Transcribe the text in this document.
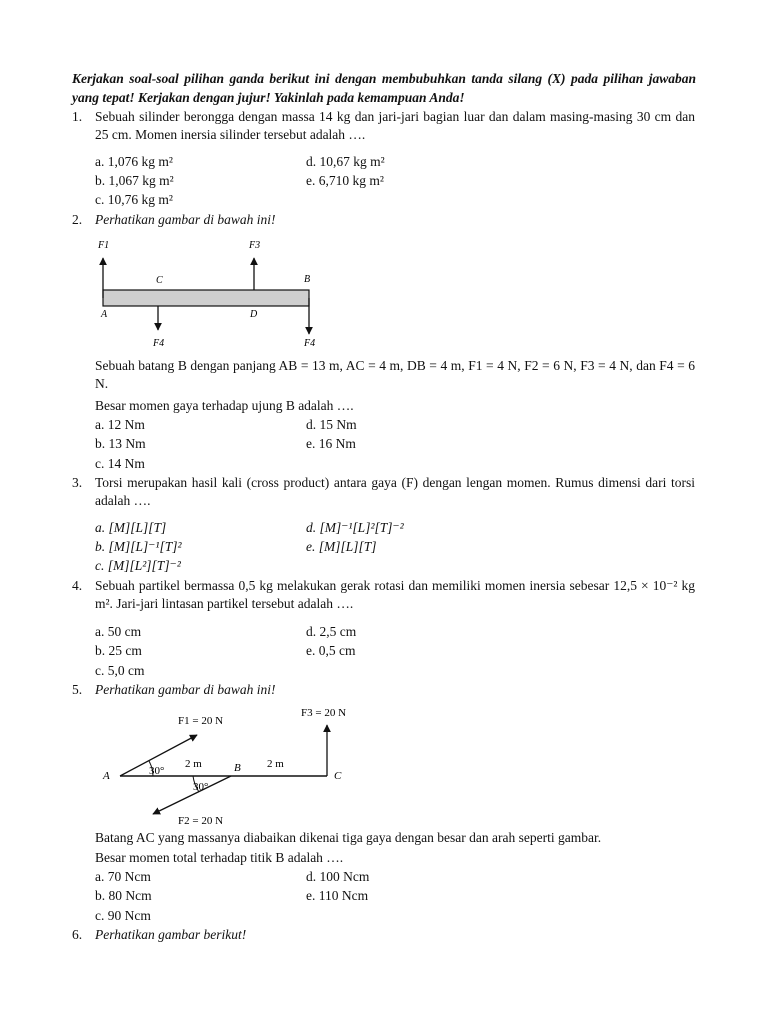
Kerjakan soal-soal pilihan ganda berikut ini dengan membubuhkan tanda silang (X) pada pilihan jawaban yang tepat! Kerjakan dengan jujur! Yakinlah pada kemampuan Anda!
1. Sebuah silinder berongga dengan massa 14 kg dan jari-jari bagian luar dan dalam masing-masing 30 cm dan 25 cm. Momen inersia silinder tersebut adalah ….
a. 1,076 kg m²	d. 10,67 kg m²
b. 1,067 kg m²	e. 6,710 kg m²
c. 10,76 kg m²
2. Perhatikan gambar di bawah ini!
F1	F3
F4	F4
C	B
A	D
Sebuah batang B dengan panjang AB = 13 m, AC = 4 m, DB = 4 m, F1 = 4 N, F2 = 6 N, F3 = 4 N, dan F4 = 6 N.
Besar momen gaya terhadap ujung B adalah ….
a. 12 Nm	d. 15 Nm
b. 13 Nm	e. 16 Nm
c. 14 Nm
3. Torsi merupakan hasil kali (cross product) antara gaya (F) dengan lengan momen. Rumus dimensi dari torsi adalah ….
a. [M][L][T]	d. [M]⁻¹[L]²[T]⁻²
b. [M][L]⁻¹[T]²	e. [M][L][T]
c. [M][L²][T]⁻²
4. Sebuah partikel bermassa 0,5 kg melakukan gerak rotasi dan memiliki momen inersia sebesar 12,5 × 10⁻² kg m². Jari-jari lintasan partikel tersebut adalah ….
a. 50 cm	d. 2,5 cm
b. 25 cm	e. 0,5 cm
c. 5,0 cm
5. Perhatikan gambar di bawah ini!
F1 = 20 N
F3 = 20 N
F2 = 20 N
A
B
C
2 m	2 m
30°
30°
Batang AC yang massanya diabaikan dikenai tiga gaya dengan besar dan arah seperti gambar.
Besar momen total terhadap titik B adalah ….
a. 70 Ncm	d. 100 Ncm
b. 80 Ncm	e. 110 Ncm
c. 90 Ncm
6. Perhatikan gambar berikut!
